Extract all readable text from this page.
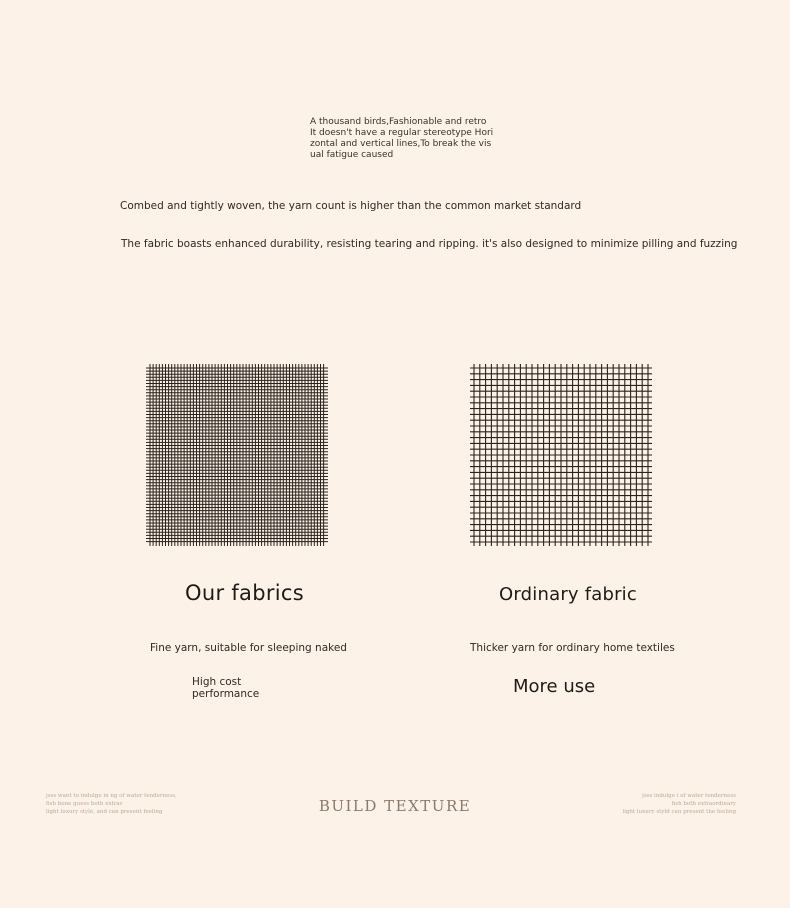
A thousand birds,Fashionable and retro
It doesn't have a regular stereotype Hori
zontal and vertical lines,To break the vis
ual fatigue caused
Combed and tightly woven, the yarn count is higher than the common market standard
The fabric boasts enhanced durability, resisting tearing and ripping. it's also designed to minimize pilling and fuzzing
Our fabrics	Ordinary fabric
Fine yarn, suitable for sleeping naked	Thicker yarn for ordinary home textiles
High cost
performance	More use
jsss want to indulge in ng of water tenderness,
fish bone guess both extrav
light luxury style, and can present feeling	BUILD TEXTURE
jsss indulge i of water tenderness
fish both extraordinary
light luxury styld can present the feeling
